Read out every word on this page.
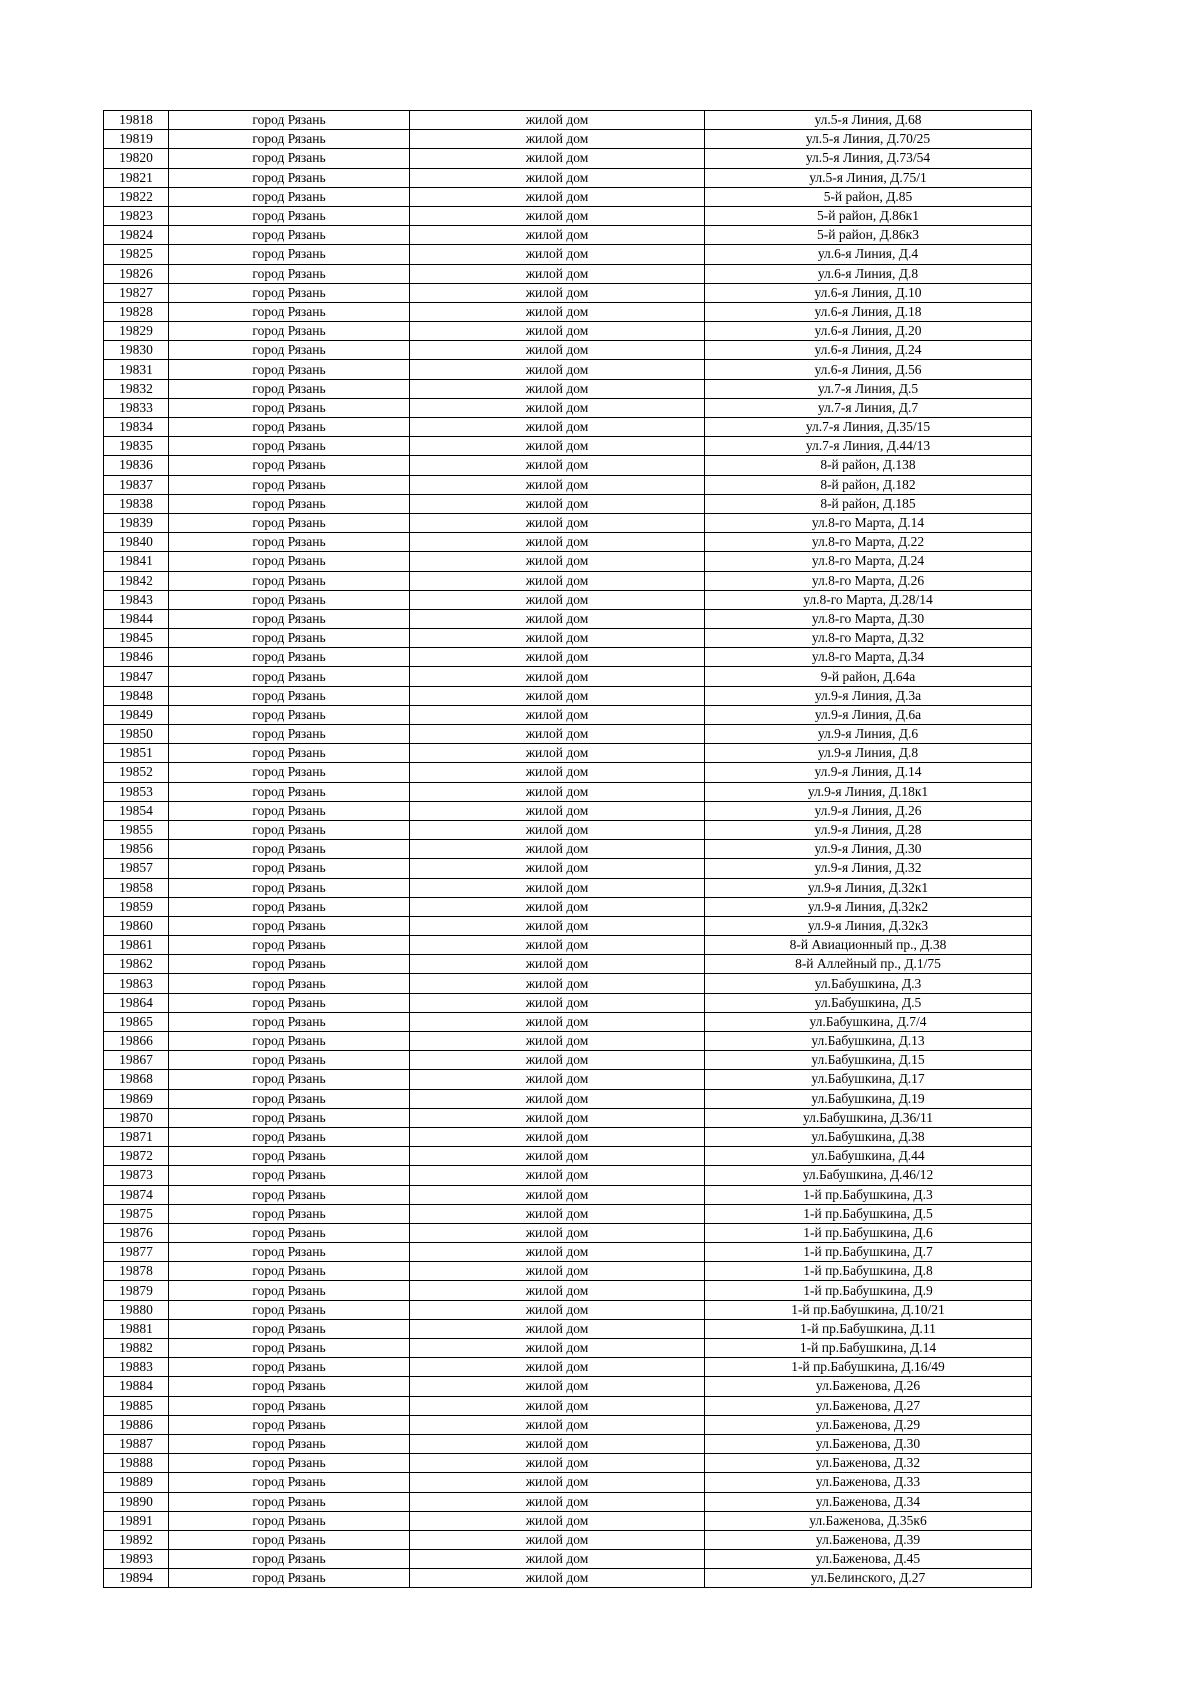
19818	город Рязань	жилой дом	ул.5-я Линия, Д.68
19819	город Рязань	жилой дом	ул.5-я Линия, Д.70/25
19820	город Рязань	жилой дом	ул.5-я Линия, Д.73/54
19821	город Рязань	жилой дом	ул.5-я Линия, Д.75/1
19822	город Рязань	жилой дом	5-й район, Д.85
19823	город Рязань	жилой дом	5-й район, Д.86к1
19824	город Рязань	жилой дом	5-й район, Д.86к3
19825	город Рязань	жилой дом	ул.6-я Линия, Д.4
19826	город Рязань	жилой дом	ул.6-я Линия, Д.8
19827	город Рязань	жилой дом	ул.6-я Линия, Д.10
19828	город Рязань	жилой дом	ул.6-я Линия, Д.18
19829	город Рязань	жилой дом	ул.6-я Линия, Д.20
19830	город Рязань	жилой дом	ул.6-я Линия, Д.24
19831	город Рязань	жилой дом	ул.6-я Линия, Д.56
19832	город Рязань	жилой дом	ул.7-я Линия, Д.5
19833	город Рязань	жилой дом	ул.7-я Линия, Д.7
19834	город Рязань	жилой дом	ул.7-я Линия, Д.35/15
19835	город Рязань	жилой дом	ул.7-я Линия, Д.44/13
19836	город Рязань	жилой дом	8-й район, Д.138
19837	город Рязань	жилой дом	8-й район, Д.182
19838	город Рязань	жилой дом	8-й район, Д.185
19839	город Рязань	жилой дом	ул.8-го Марта, Д.14
19840	город Рязань	жилой дом	ул.8-го Марта, Д.22
19841	город Рязань	жилой дом	ул.8-го Марта, Д.24
19842	город Рязань	жилой дом	ул.8-го Марта, Д.26
19843	город Рязань	жилой дом	ул.8-го Марта, Д.28/14
19844	город Рязань	жилой дом	ул.8-го Марта, Д.30
19845	город Рязань	жилой дом	ул.8-го Марта, Д.32
19846	город Рязань	жилой дом	ул.8-го Марта, Д.34
19847	город Рязань	жилой дом	9-й район, Д.64а
19848	город Рязань	жилой дом	ул.9-я Линия, Д.3а
19849	город Рязань	жилой дом	ул.9-я Линия, Д.6а
19850	город Рязань	жилой дом	ул.9-я Линия, Д.6
19851	город Рязань	жилой дом	ул.9-я Линия, Д.8
19852	город Рязань	жилой дом	ул.9-я Линия, Д.14
19853	город Рязань	жилой дом	ул.9-я Линия, Д.18к1
19854	город Рязань	жилой дом	ул.9-я Линия, Д.26
19855	город Рязань	жилой дом	ул.9-я Линия, Д.28
19856	город Рязань	жилой дом	ул.9-я Линия, Д.30
19857	город Рязань	жилой дом	ул.9-я Линия, Д.32
19858	город Рязань	жилой дом	ул.9-я Линия, Д.32к1
19859	город Рязань	жилой дом	ул.9-я Линия, Д.32к2
19860	город Рязань	жилой дом	ул.9-я Линия, Д.32к3
19861	город Рязань	жилой дом	8-й Авиационный пр., Д.38
19862	город Рязань	жилой дом	8-й Аллейный пр., Д.1/75
19863	город Рязань	жилой дом	ул.Бабушкина, Д.3
19864	город Рязань	жилой дом	ул.Бабушкина, Д.5
19865	город Рязань	жилой дом	ул.Бабушкина, Д.7/4
19866	город Рязань	жилой дом	ул.Бабушкина, Д.13
19867	город Рязань	жилой дом	ул.Бабушкина, Д.15
19868	город Рязань	жилой дом	ул.Бабушкина, Д.17
19869	город Рязань	жилой дом	ул.Бабушкина, Д.19
19870	город Рязань	жилой дом	ул.Бабушкина, Д.36/11
19871	город Рязань	жилой дом	ул.Бабушкина, Д.38
19872	город Рязань	жилой дом	ул.Бабушкина, Д.44
19873	город Рязань	жилой дом	ул.Бабушкина, Д.46/12
19874	город Рязань	жилой дом	1-й пр.Бабушкина, Д.3
19875	город Рязань	жилой дом	1-й пр.Бабушкина, Д.5
19876	город Рязань	жилой дом	1-й пр.Бабушкина, Д.6
19877	город Рязань	жилой дом	1-й пр.Бабушкина, Д.7
19878	город Рязань	жилой дом	1-й пр.Бабушкина, Д.8
19879	город Рязань	жилой дом	1-й пр.Бабушкина, Д.9
19880	город Рязань	жилой дом	1-й пр.Бабушкина, Д.10/21
19881	город Рязань	жилой дом	1-й пр.Бабушкина, Д.11
19882	город Рязань	жилой дом	1-й пр.Бабушкина, Д.14
19883	город Рязань	жилой дом	1-й пр.Бабушкина, Д.16/49
19884	город Рязань	жилой дом	ул.Баженова, Д.26
19885	город Рязань	жилой дом	ул.Баженова, Д.27
19886	город Рязань	жилой дом	ул.Баженова, Д.29
19887	город Рязань	жилой дом	ул.Баженова, Д.30
19888	город Рязань	жилой дом	ул.Баженова, Д.32
19889	город Рязань	жилой дом	ул.Баженова, Д.33
19890	город Рязань	жилой дом	ул.Баженова, Д.34
19891	город Рязань	жилой дом	ул.Баженова, Д.35к6
19892	город Рязань	жилой дом	ул.Баженова, Д.39
19893	город Рязань	жилой дом	ул.Баженова, Д.45
19894	город Рязань	жилой дом	ул.Белинского, Д.27
